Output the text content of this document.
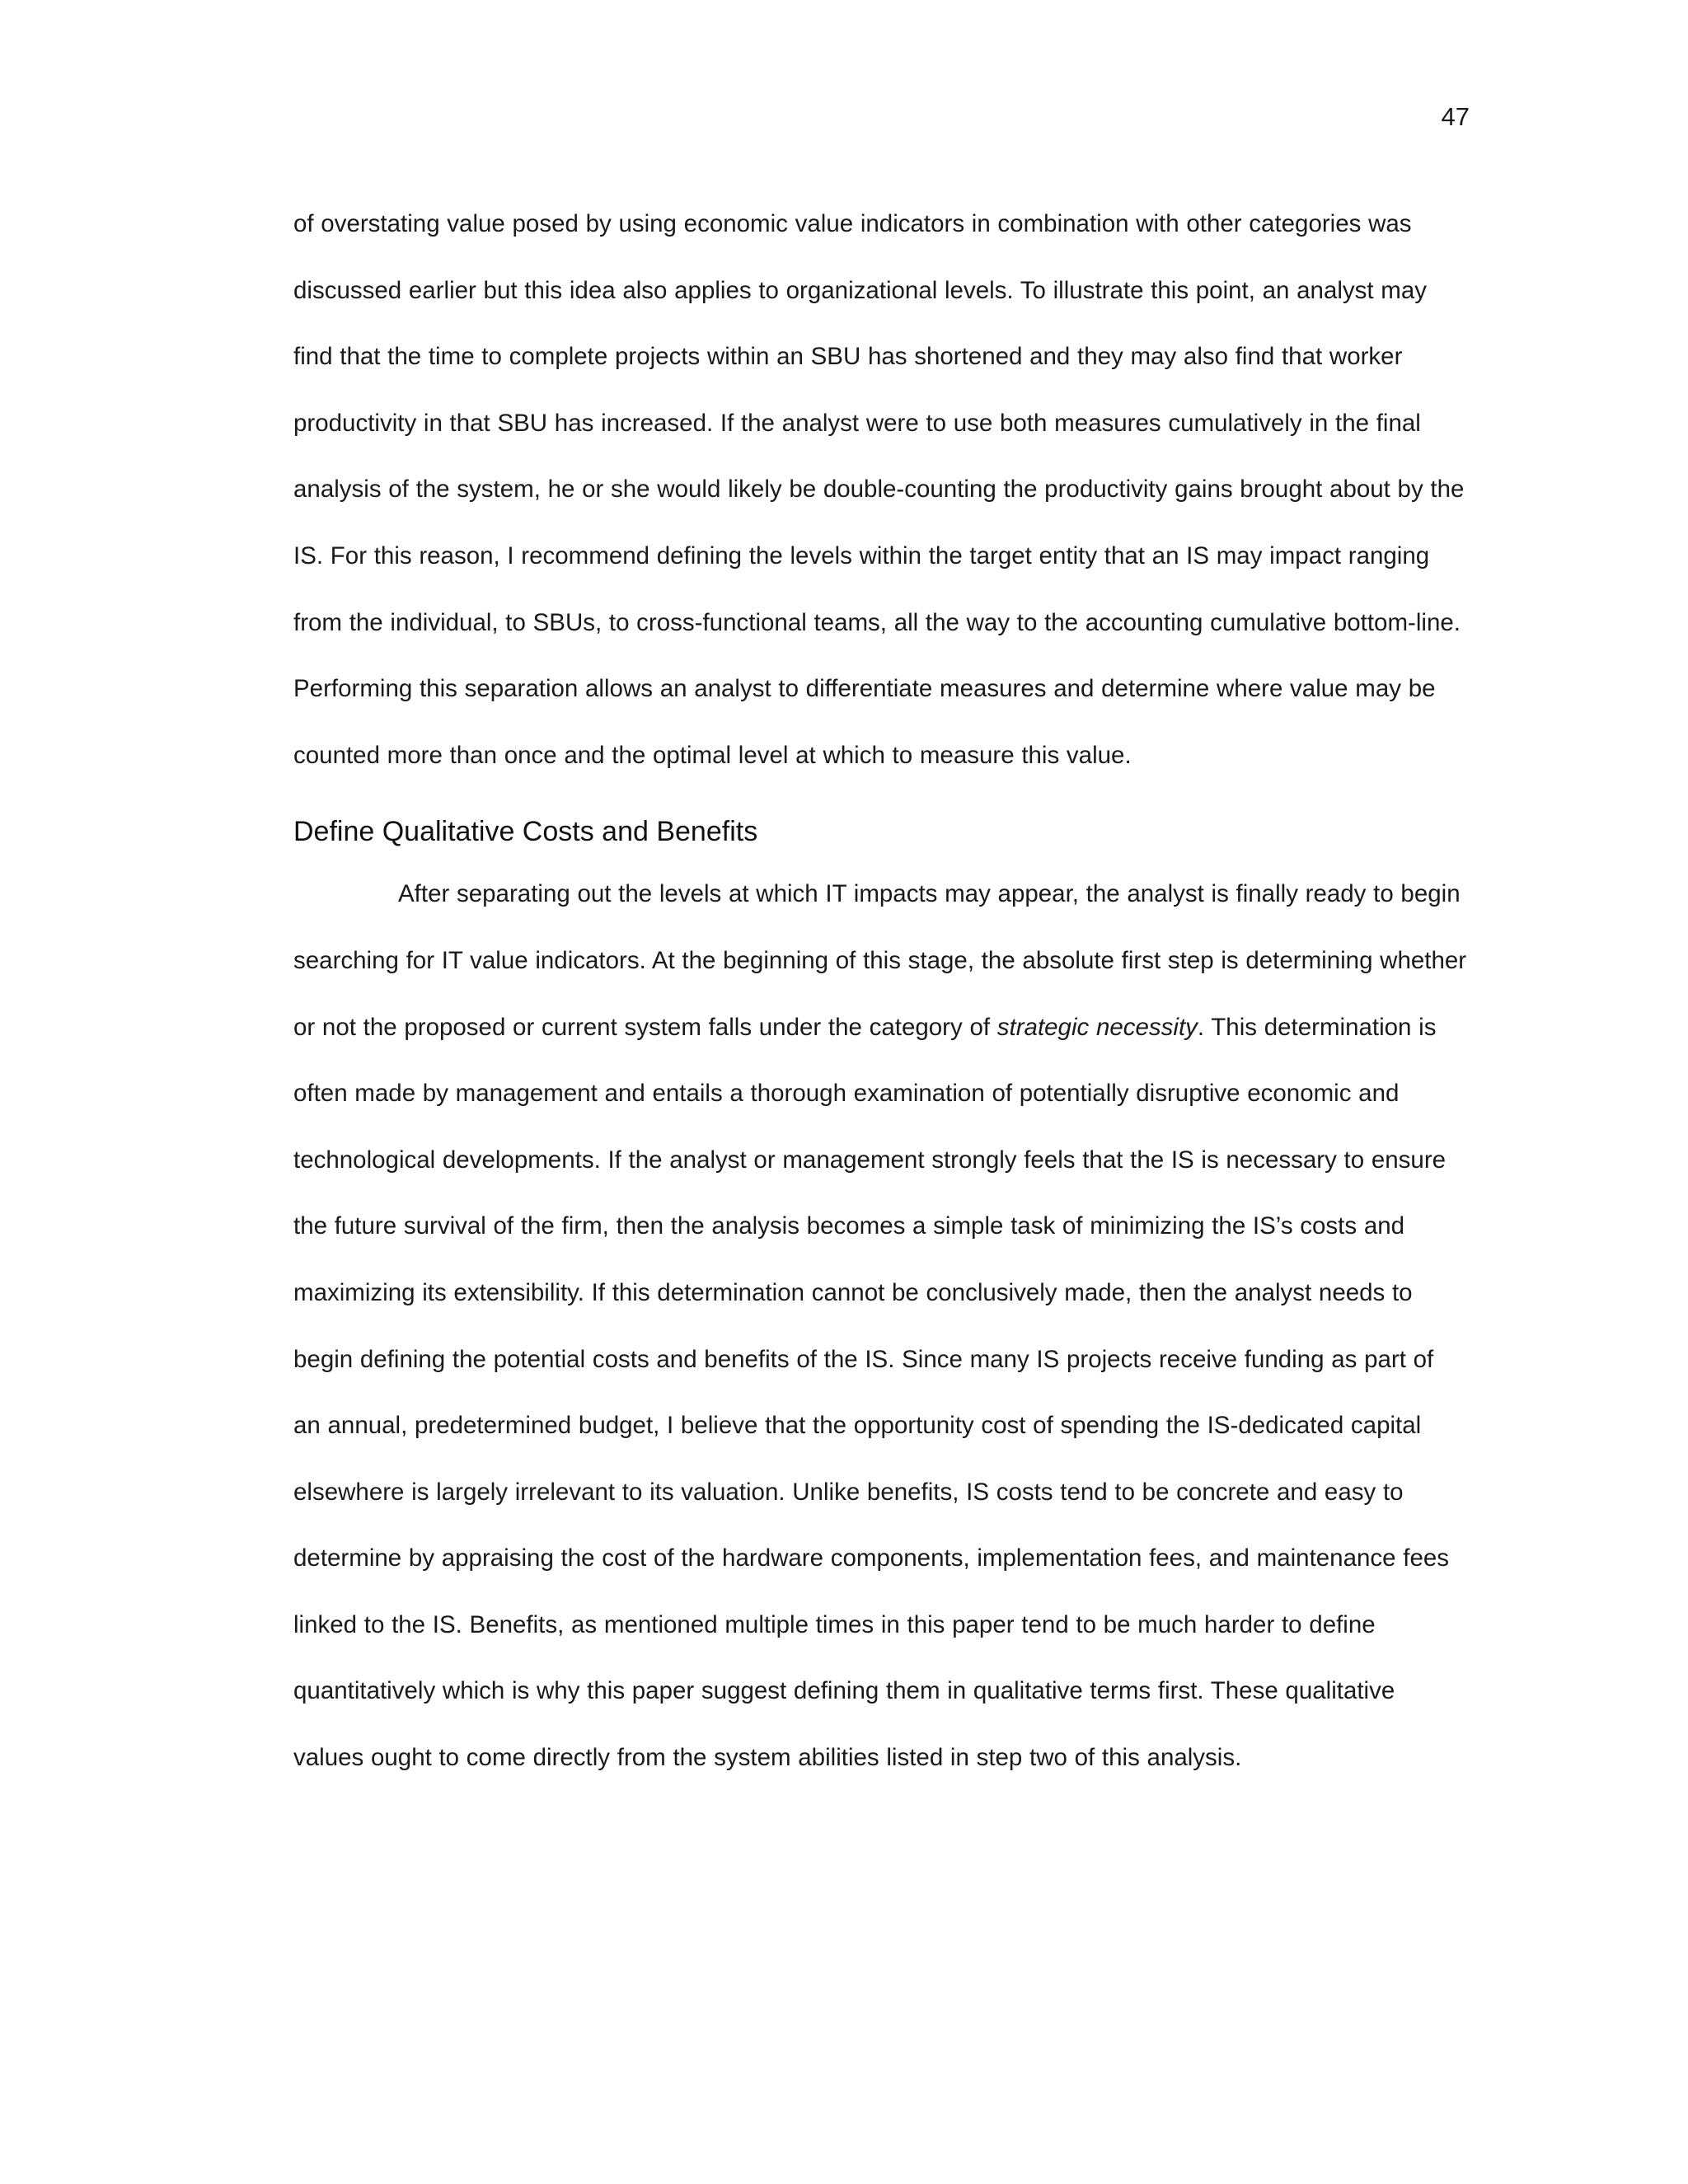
47

of overstating value posed by using economic value indicators in combination with other categories was discussed earlier but this idea also applies to organizational levels. To illustrate this point, an analyst may find that the time to complete projects within an SBU has shortened and they may also find that worker productivity in that SBU has increased. If the analyst were to use both measures cumulatively in the final analysis of the system, he or she would likely be double-counting the productivity gains brought about by the IS. For this reason, I recommend defining the levels within the target entity that an IS may impact ranging from the individual, to SBUs, to cross-functional teams, all the way to the accounting cumulative bottom-line. Performing this separation allows an analyst to differentiate measures and determine where value may be counted more than once and the optimal level at which to measure this value.

Define Qualitative Costs and Benefits

After separating out the levels at which IT impacts may appear, the analyst is finally ready to begin searching for IT value indicators. At the beginning of this stage, the absolute first step is determining whether or not the proposed or current system falls under the category of strategic necessity. This determination is often made by management and entails a thorough examination of potentially disruptive economic and technological developments. If the analyst or management strongly feels that the IS is necessary to ensure the future survival of the firm, then the analysis becomes a simple task of minimizing the IS’s costs and maximizing its extensibility. If this determination cannot be conclusively made, then the analyst needs to begin defining the potential costs and benefits of the IS. Since many IS projects receive funding as part of an annual, predetermined budget, I believe that the opportunity cost of spending the IS-dedicated capital elsewhere is largely irrelevant to its valuation. Unlike benefits, IS costs tend to be concrete and easy to determine by appraising the cost of the hardware components, implementation fees, and maintenance fees linked to the IS. Benefits, as mentioned multiple times in this paper tend to be much harder to define quantitatively which is why this paper suggest defining them in qualitative terms first. These qualitative values ought to come directly from the system abilities listed in step two of this analysis.
